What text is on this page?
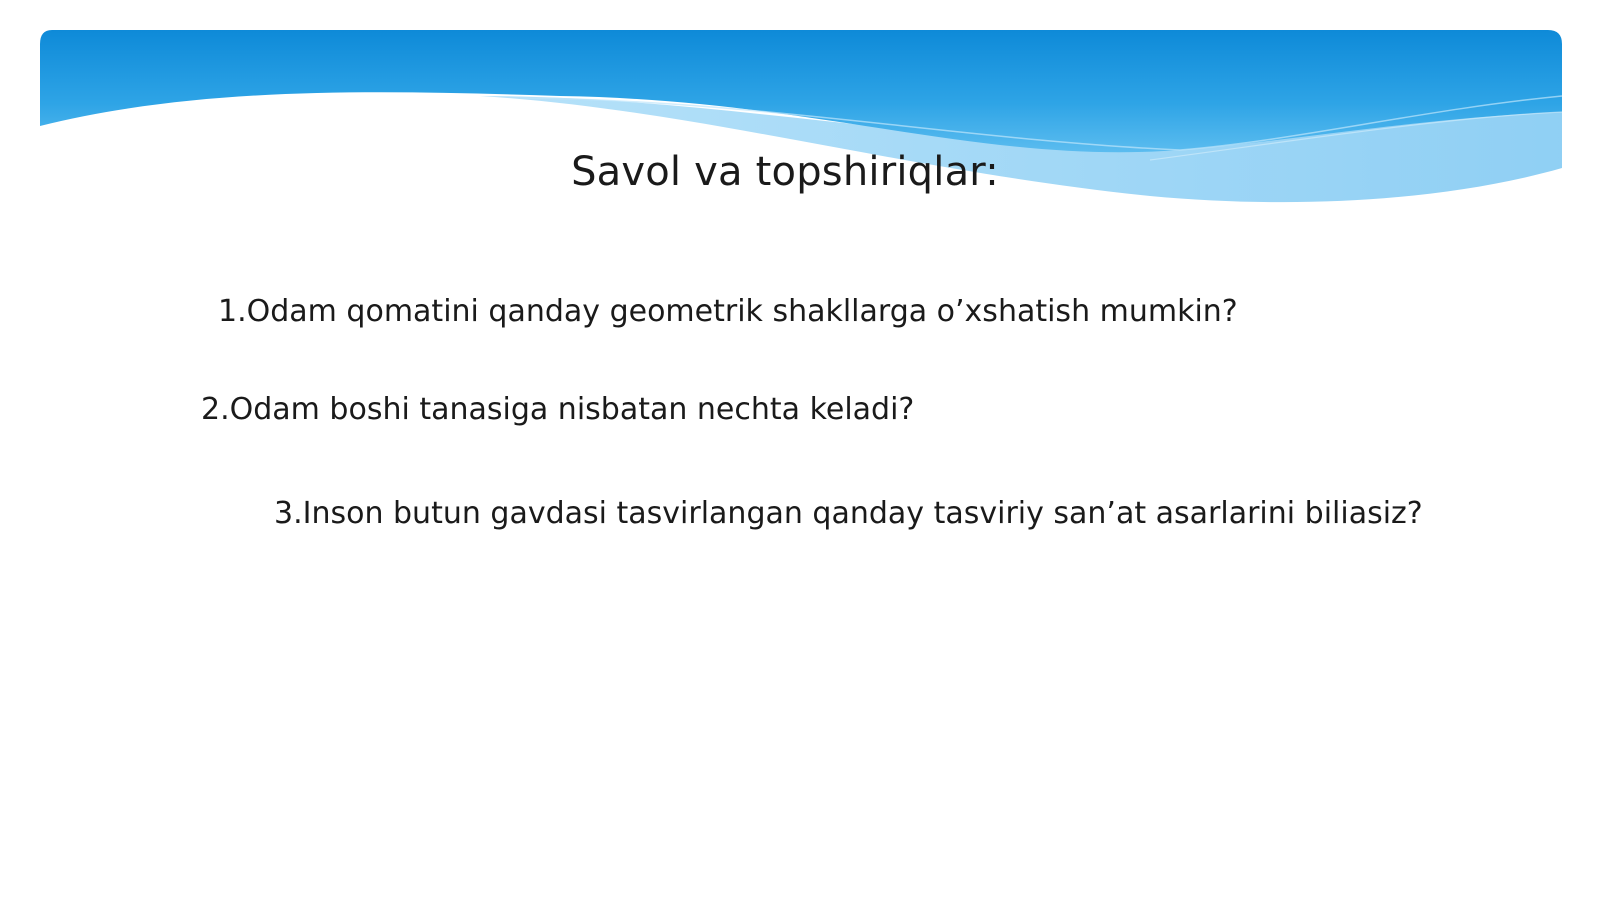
Savol va topshiriqlar:

1.Odam qomatini qanday geometrik shakllarga o’xshatish mumkin?

2.Odam boshi tanasiga nisbatan nechta keladi?

3.Inson butun gavdasi tasvirlangan qanday tasviriy san’at asarlarini biliasiz?
